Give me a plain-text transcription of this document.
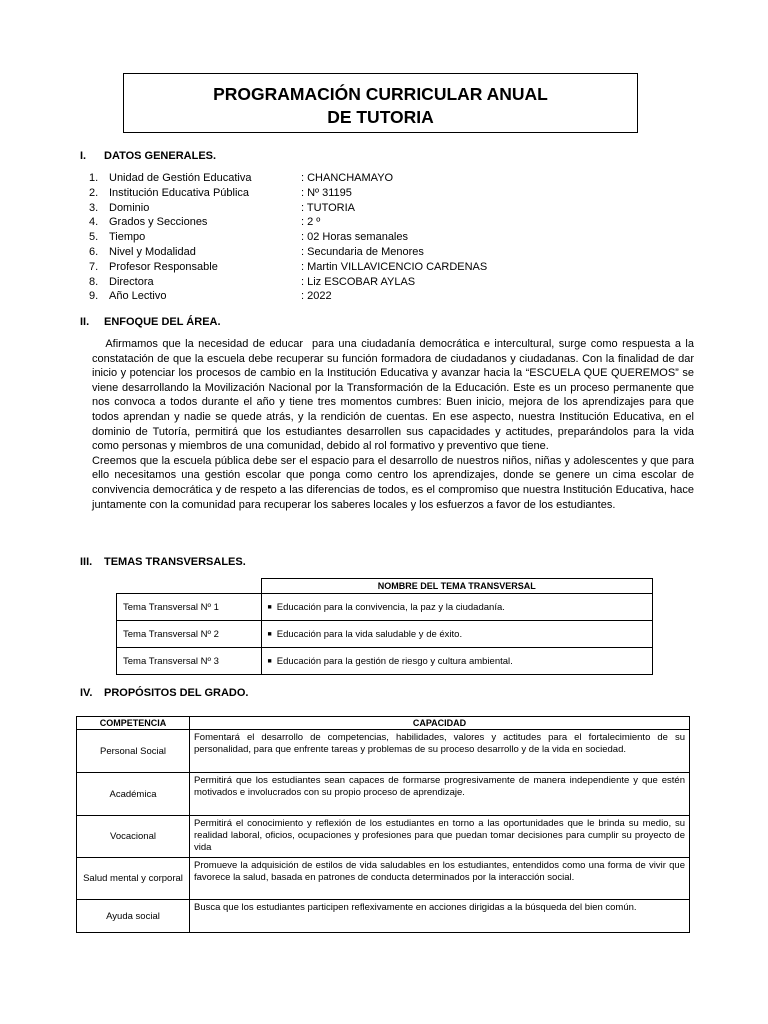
PROGRAMACIÓN CURRICULAR ANUAL
DE TUTORIA
I.	DATOS GENERALES.
1. Unidad de Gestión Educativa	: CHANCHAMAYO
2. Institución Educativa Pública	: Nº 31195
3. Dominio	: TUTORIA
4. Grados y Secciones	: 2 º
5. Tiempo	: 02 Horas semanales
6. Nivel y Modalidad	: Secundaria de Menores
7. Profesor Responsable	: Martin VILLAVICENCIO CARDENAS
8. Directora	: Liz ESCOBAR AYLAS
9. Año Lectivo	: 2022
II.	ENFOQUE DEL ÁREA.

Afirmamos que la necesidad de educar  para una ciudadanía democrática e intercultural, surge como respuesta a la constatación de que la escuela debe recuperar su función formadora de ciudadanos y ciudadanas. Con la finalidad de dar inicio y potenciar los procesos de cambio en la Institución Educativa y avanzar hacia la “ESCUELA QUE QUEREMOS” se viene desarrollando la Movilización Nacional por la Transformación de la Educación. Este es un proceso permanente que nos convoca a todos durante el año y tiene tres momentos cumbres: Buen inicio, mejora de los aprendizajes para que todos aprendan y nadie se quede atrás, y la rendición de cuentas. En ese aspecto, nuestra Institución Educativa, en el dominio de Tutoría, permitirá que los estudiantes desarrollen sus capacidades y actitudes, preparándolos para la vida como personas y miembros de una comunidad, debido al rol formativo y preventivo que tiene.

Creemos que la escuela pública debe ser el espacio para el desarrollo de nuestros niños, niñas y adolescentes y que para ello necesitamos una gestión escolar que ponga como centro los aprendizajes, donde se genere un cima escolar de convivencia democrática y de respeto a las diferencias de todos, es el compromiso que nuestra Institución Educativa, hace juntamente con la comunidad para recuperar los saberes locales y los esfuerzos a favor de los estudiantes.

III.	TEMAS TRANSVERSALES.
	NOMBRE DEL TEMA TRANSVERSAL
Tema Transversal Nº 1	■ Educación para la convivencia, la paz y la ciudadanía.
Tema Transversal Nº 2	■ Educación para la vida saludable y de éxito.
Tema Transversal Nº 3	■ Educación para la gestión de riesgo y cultura ambiental.
IV.	PROPÓSITOS DEL GRADO.
COMPETENCIA	CAPACIDAD
Personal Social	Fomentará el desarrollo de competencias, habilidades, valores y actitudes para el fortalecimiento de su personalidad, para que enfrente tareas y problemas de su proceso desarrollo y de la vida en sociedad.
Académica	Permitirá que los estudiantes sean capaces de formarse progresivamente de manera independiente y que estén motivados e involucrados con su propio proceso de aprendizaje.
Vocacional	Permitirá el conocimiento y reflexión de los estudiantes en torno a las oportunidades que le brinda su medio, su realidad laboral, oficios, ocupaciones y profesiones para que puedan tomar decisiones para cumplir su proyecto de vida
Salud mental y corporal	Promueve la adquisición de estilos de vida saludables en los estudiantes, entendidos como una forma de vivir que favorece la salud, basada en patrones de conducta determinados por la interacción social.
Ayuda social	Busca que los estudiantes participen reflexivamente en acciones dirigidas a la búsqueda del bien común.
